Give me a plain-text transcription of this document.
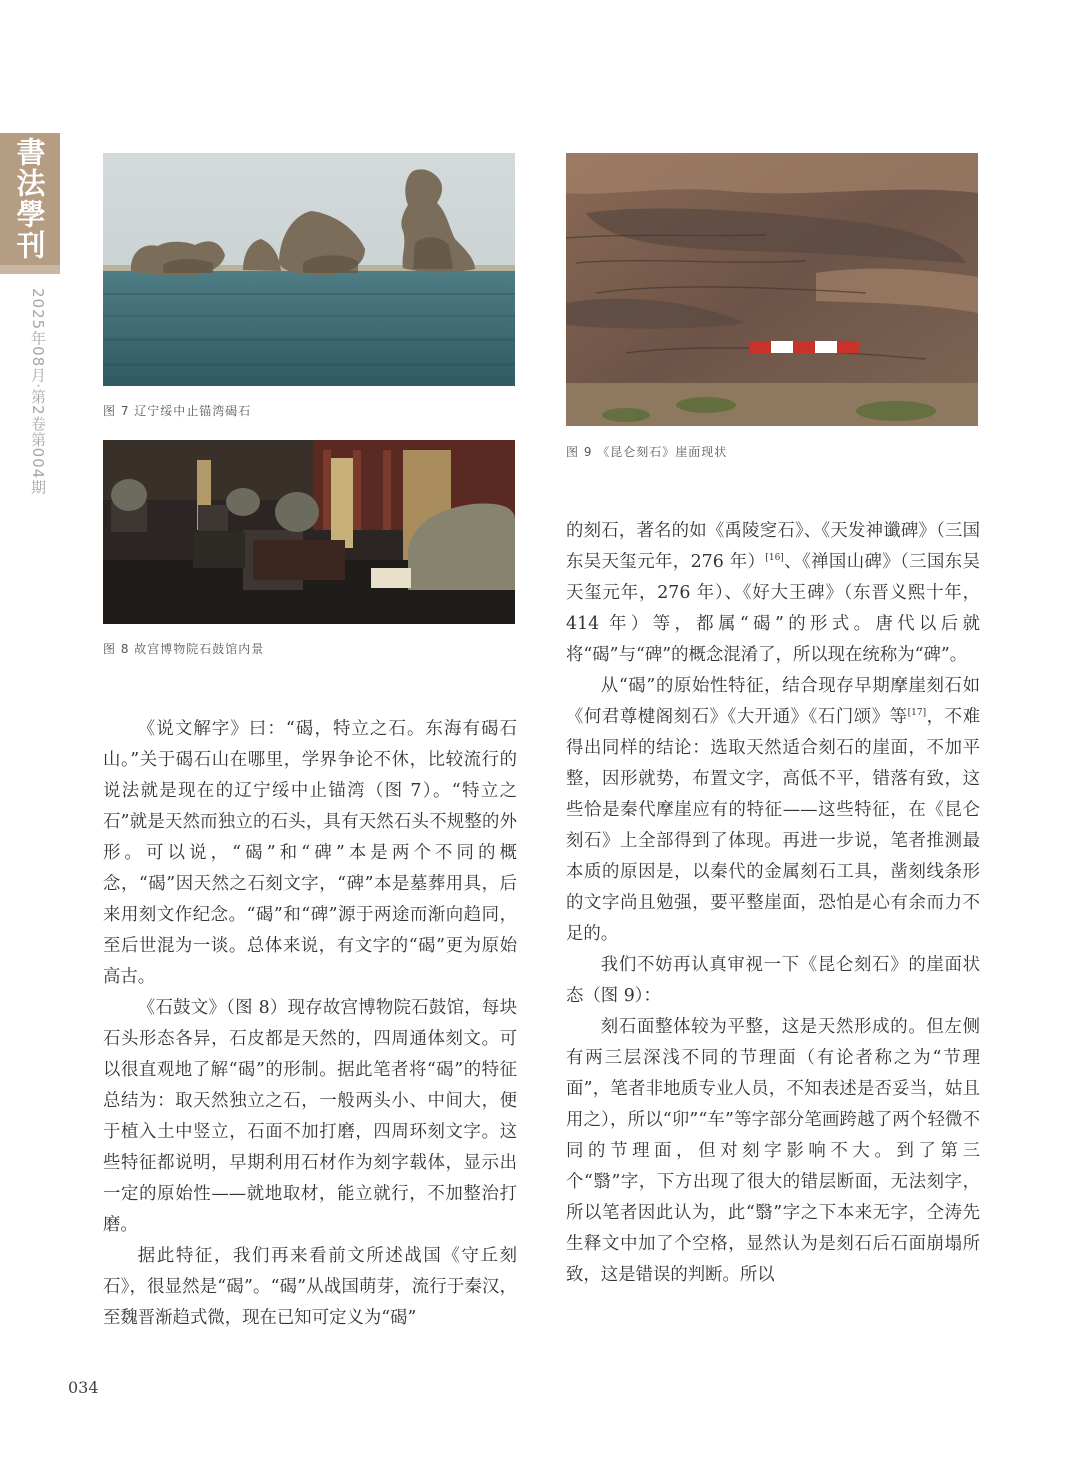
書法學刊
2025年08月·第2卷第004期	图 7 辽宁绥中止锚湾碣石
图 8 故宫博物院石鼓馆内景
图 9 《昆仑刻石》崖面现状

《说文解字》曰：“碣，特立之石。东海有碣石山。”关于碣石山在哪里，学界争论不休，比较流行的说法就是现在的辽宁绥中止锚湾（图 7）。“特立之石”就是天然而独立的石头，具有天然石头不规整的外形。可以说，“碣”和“碑”本是两个不同的概念，“碣”因天然之石刻文字，“碑”本是墓葬用具，后来用刻文作纪念。“碣”和“碑”源于两途而渐向趋同，至后世混为一谈。总体来说，有文字的“碣”更为原始高古。

《石鼓文》（图 8）现存故宫博物院石鼓馆，每块石头形态各异，石皮都是天然的，四周通体刻文。可以很直观地了解“碣”的形制。据此笔者将“碣”的特征总结为：取天然独立之石，一般两头小、中间大，便于植入土中竖立，石面不加打磨，四周环刻文字。这些特征都说明，早期利用石材作为刻字载体，显示出一定的原始性——就地取材，能立就行，不加整治打磨。

据此特征，我们再来看前文所述战国《守丘刻石》，很显然是“碣”。“碣”从战国萌芽，流行于秦汉，至魏晋渐趋式微，现在已知可定义为“碣”

的刻石，著名的如《禹陵窆石》、《天发神谶碑》（三国东吴天玺元年，276 年）[16]、《禅国山碑》（三国东吴天玺元年，276 年）、《好大王碑》（东晋义熙十年，414 年）等，都属“碣”的形式。唐代以后就将“碣”与“碑”的概念混淆了，所以现在统称为“碑”。

从“碣”的原始性特征，结合现存早期摩崖刻石如《何君尊楗阁刻石》《大开通》《石门颂》等[17]，不难得出同样的结论：选取天然适合刻石的崖面，不加平整，因形就势，布置文字，高低不平，错落有致，这些恰是秦代摩崖应有的特征——这些特征，在《昆仑刻石》上全部得到了体现。再进一步说，笔者推测最本质的原因是，以秦代的金属刻石工具，凿刻线条形的文字尚且勉强，要平整崖面，恐怕是心有余而力不足的。

我们不妨再认真审视一下《昆仑刻石》的崖面状态（图 9）：

刻石面整体较为平整，这是天然形成的。但左侧有两三层深浅不同的节理面（有论者称之为“节理面”，笔者非地质专业人员，不知表述是否妥当，姑且用之），所以“卯”“车”等字部分笔画跨越了两个轻微不同的节理面，但对刻字影响不大。到了第三个“翳”字，下方出现了很大的错层断面，无法刻字，所以笔者因此认为，此“翳”字之下本来无字，仝涛先生释文中加了个空格，显然认为是刻石后石面崩塌所致，这是错误的判断。所以

034
